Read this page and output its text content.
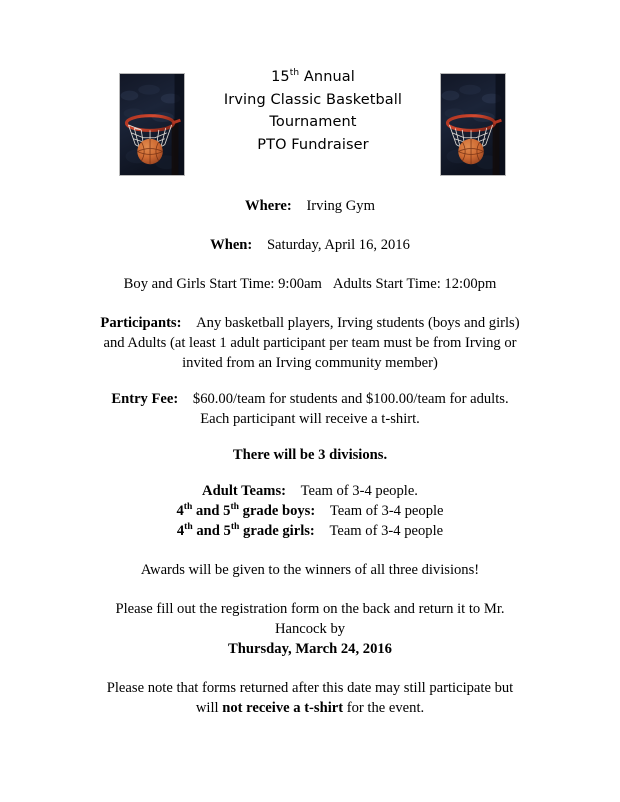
15th Annual
Irving Classic Basketball
Tournament
PTO Fundraiser
Where: Irving Gym
When: Saturday, April 16, 2016
Boy and Girls Start Time: 9:00am Adults Start Time: 12:00pm
Participants: Any basketball players, Irving students (boys and girls)
and Adults (at least 1 adult participant per team must be from Irving or
invited from an Irving community member)
Entry Fee: $60.00/team for students and $100.00/team for adults.
Each participant will receive a t-shirt.
There will be 3 divisions.
Adult Teams: Team of 3-4 people.
4th and 5th grade boys: Team of 3-4 people
4th and 5th grade girls: Team of 3-4 people
Awards will be given to the winners of all three divisions!
Please fill out the registration form on the back and return it to Mr.
Hancock by
Thursday, March 24, 2016
Please note that forms returned after this date may still participate but
will not receive a t-shirt for the event.
